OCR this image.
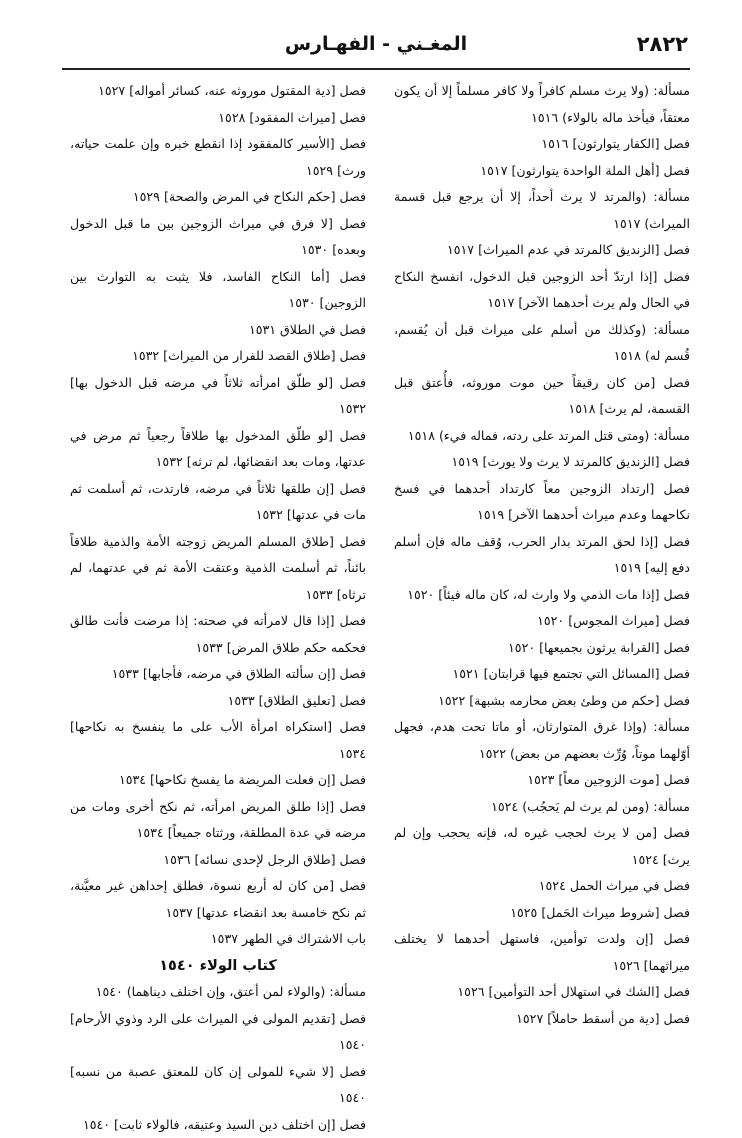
٢٨٢٢
المغـني - الفهـارس

مسألة: (ولا يرث مسلم كافراً ولا كافر مسلماً إلا أن يكون معتقاً، فيأخذ ماله بالولاء) ١٥١٦

فصل [الكفار يتوارثون] ١٥١٦

فصل [أهل الملة الواحدة يتوارثون] ١٥١٧

مسألة: (والمرتد لا يرث أحداً، إلا أن يرجع قبل قسمة الميراث) ١٥١٧

فصل [الزنديق كالمرتد في عدم الميراث] ١٥١٧

فصل [إذا ارتدّ أحد الزوجين قبل الدخول، انفسخ النكاح في الحال ولم يرث أحدهما الآخر] ١٥١٧

مسألة: (وكذلك من أسلم على ميراث قبل أن يُقسم، قُسم له) ١٥١٨

فصل [من كان رقيقاً حين موت موروثه، فأُعتق قبل القسمة، لم يرث] ١٥١٨

مسألة: (ومتى قتل المرتد على ردته، فماله فيء) ١٥١٨

فصل [الزنديق كالمرتد لا يرث ولا يورث] ١٥١٩

فصل [ارتداد الزوجين معاً كارتداد أحدهما في فسخ نكاحهما وعدم ميراث أحدهما الآخر] ١٥١٩

فصل [إذا لحق المرتد بدار الحرب، وُقف ماله فإن أسلم دفع إليه] ١٥١٩

فصل [إذا مات الذمي ولا وارث له، كان ماله فيئاً] ١٥٢٠

فصل [ميراث المجوس] ١٥٢٠

فصل [القرابة يرثون بجميعها] ١٥٢٠

فصل [المسائل التي تجتمع فيها قرابتان] ١٥٢١

فصل [حكم من وطئ بعض محارمه بشبهة] ١٥٢٢

مسألة: (وإذا غرق المتوارثان، أو ماتا تحت هدم، فجهل أوّلهما موتاً، وُرِّث بعضهم من بعض) ١٥٢٢

فصل [موت الزوجين معاً] ١٥٢٣

مسألة: (ومن لم يرث لم يَحجُب) ١٥٢٤

فصل [من لا يرث لحجب غيره له، فإنه يحجب وإن لم يرث] ١٥٢٤

فصل في ميراث الحمل ١٥٢٤

فصل [شروط ميراث الحَمل] ١٥٢٥

فصل [إن ولدت توأمين، فاستهل أحدهما لا يختلف ميراثهما] ١٥٢٦

فصل [الشك في استهلال أحد التوأمين] ١٥٢٦

فصل [دية من أسقط حاملاً] ١٥٢٧

فصل [دية المقتول موروثه عنه، كسائر أمواله] ١٥٢٧

فصل [ميراث المفقود] ١٥٢٨

فصل [الأسير كالمفقود إذا انقطع خبره وإن علمت حياته، ورث] ١٥٢٩

فصل [حكم النكاح في المرض والصحة] ١٥٢٩

فصل [لا فرق في ميراث الزوجين بين ما قبل الدخول وبعده] ١٥٣٠

فصل [أما النكاح الفاسد، فلا يثبت به التوارث بين الزوجين] ١٥٣٠

فصل في الطلاق ١٥٣١

فصل [طلاق القصد للفرار من الميراث] ١٥٣٢

فصل [لو طلّق امرأته ثلاثاً في مرضه قبل الدخول بها] ١٥٣٢

فصل [لو طلّق المدخول بها طلاقاً رجعياً ثم مرض في عدتها، ومات بعد انقضائها، لم ترثه] ١٥٣٢

فصل [إن طلقها ثلاثاً في مرضه، فارتدت، ثم أسلمت ثم مات في عدتها] ١٥٣٢

فصل [طلاق المسلم المريض زوجته الأمة والذمية طلاقاً بائناً، ثم أسلمت الذمية وعتقت الأمة ثم في عدتهما، لم ترثاه] ١٥٣٣

فصل [إذا قال لامرأته في صحته: إذا مرضت فأنت طالق فحكمه حكم طلاق المرض] ١٥٣٣

فصل [إن سألته الطلاق في مرضه، فأجابها] ١٥٣٣

فصل [تعليق الطلاق] ١٥٣٣

فصل [استكراه امرأة الأب على ما ينفسخ به نكاحها] ١٥٣٤

فصل [إن فعلت المريضة ما يفسخ نكاحها] ١٥٣٤

فصل [إذا طلق المريض امرأته، ثم نكح أخرى ومات من مرضه في عدة المطلقة، ورثتاه جميعاً] ١٥٣٤

فصل [طلاق الرجل لإحدى نسائه] ١٥٣٦

فصل [من كان له أربع نسوة، فطلق إحداهن غير معيَّنة، ثم نكح خامسة بعد انقضاء عدتها] ١٥٣٧

باب الاشتراك في الطهر ١٥٣٧

كتاب الولاء ١٥٤٠

مسألة: (والولاء لمن أعتق، وإن اختلف دیناهما) ١٥٤٠

فصل [تقديم المولى في الميراث على الرد وذوي الأرحام] ١٥٤٠

فصل [لا شيء للمولى إن كان للمعتق عصبة من نسبه] ١٥٤٠

فصل [إن اختلف دين السيد وعتيقه، فالولاء ثابت] ١٥٤٠
